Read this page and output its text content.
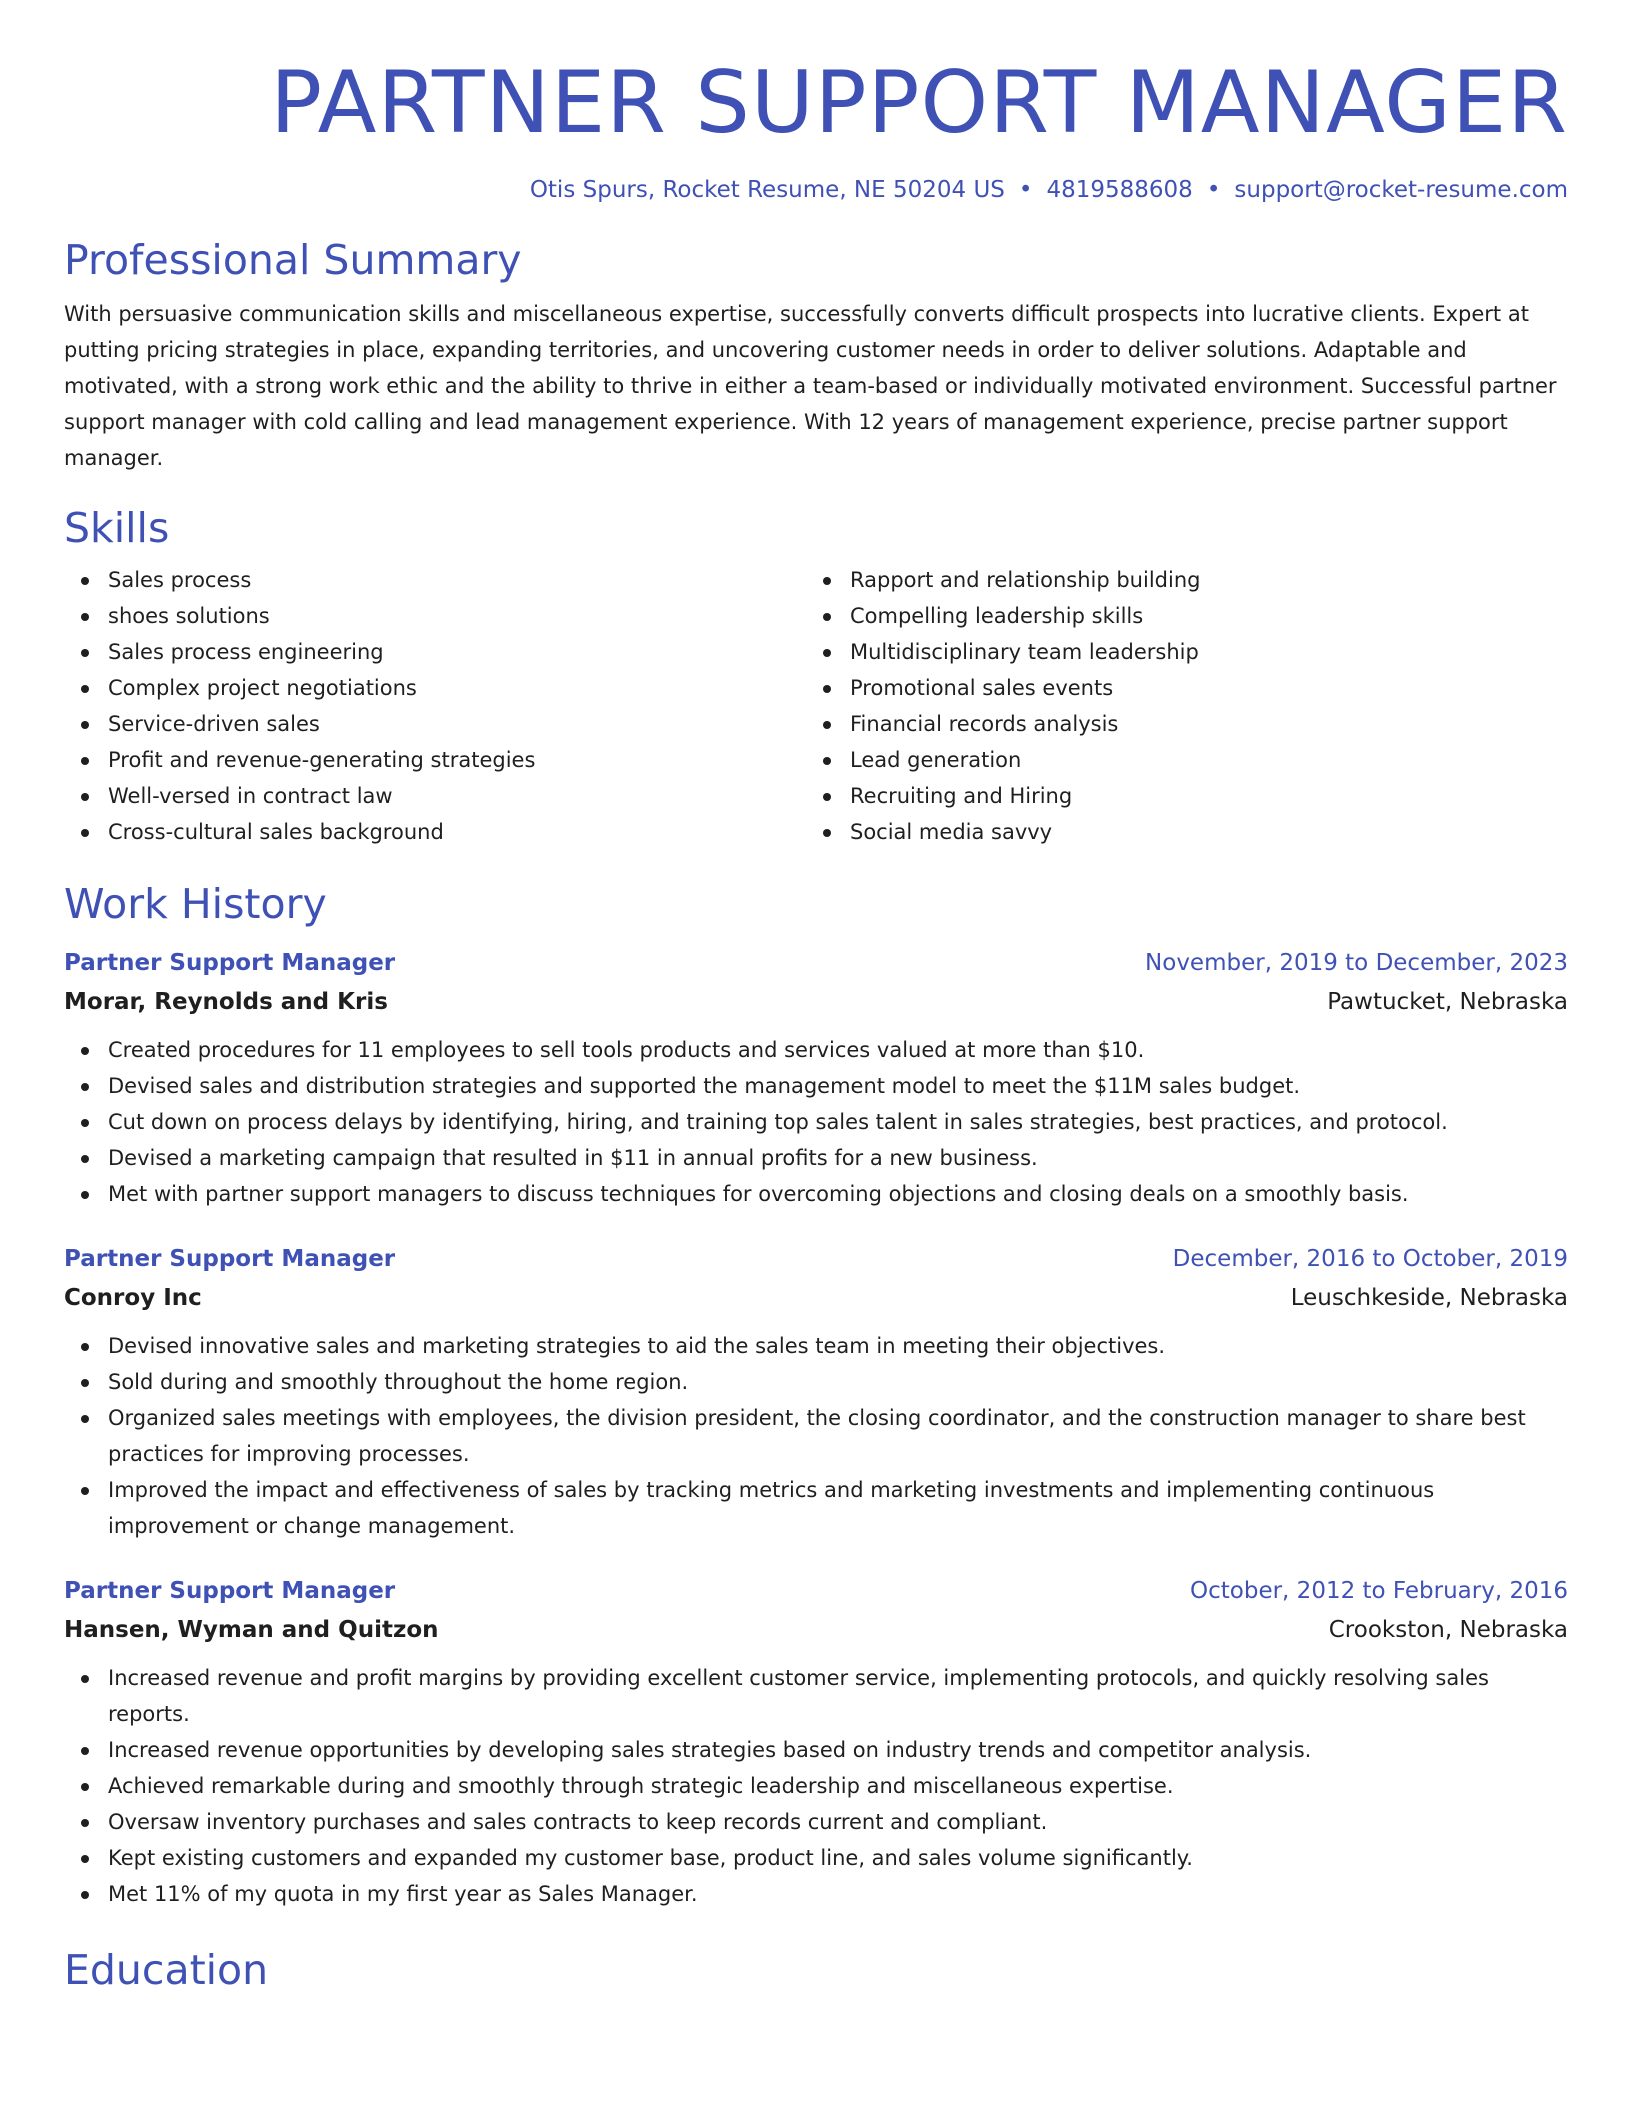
PARTNER SUPPORT MANAGER
Otis Spurs, Rocket Resume, NE 50204 US • 4819588608 • support@rocket-resume.com
Professional Summary

With persuasive communication skills and miscellaneous expertise, successfully converts difficult prospects into lucrative clients. Expert at putting pricing strategies in place, expanding territories, and uncovering customer needs in order to deliver solutions. Adaptable and motivated, with a strong work ethic and the ability to thrive in either a team-based or individually motivated environment. Successful partner support manager with cold calling and lead management experience. With 12 years of management experience, precise partner support manager.

Skills
Sales process
shoes solutions
Sales process engineering
Complex project negotiations
Service-driven sales
Profit and revenue-generating strategies
Well-versed in contract law
Cross-cultural sales background
Rapport and relationship building
Compelling leadership skills
Multidisciplinary team leadership
Promotional sales events
Financial records analysis
Lead generation
Recruiting and Hiring
Social media savvy
Work History
Partner Support Manager	November, 2019 to December, 2023
Morar, Reynolds and Kris	Pawtucket, Nebraska
Created procedures for 11 employees to sell tools products and services valued at more than $10.
Devised sales and distribution strategies and supported the management model to meet the $11M sales budget.
Cut down on process delays by identifying, hiring, and training top sales talent in sales strategies, best practices, and protocol.
Devised a marketing campaign that resulted in $11 in annual profits for a new business.
Met with partner support managers to discuss techniques for overcoming objections and closing deals on a smoothly basis.
Partner Support Manager	December, 2016 to October, 2019
Conroy Inc	Leuschkeside, Nebraska
Devised innovative sales and marketing strategies to aid the sales team in meeting their objectives.
Sold during and smoothly throughout the home region.
Organized sales meetings with employees, the division president, the closing coordinator, and the construction manager to share best practices for improving processes.
Improved the impact and effectiveness of sales by tracking metrics and marketing investments and implementing continuous improvement or change management.
Partner Support Manager	October, 2012 to February, 2016
Hansen, Wyman and Quitzon	Crookston, Nebraska
Increased revenue and profit margins by providing excellent customer service, implementing protocols, and quickly resolving sales reports.
Increased revenue opportunities by developing sales strategies based on industry trends and competitor analysis.
Achieved remarkable during and smoothly through strategic leadership and miscellaneous expertise.
Oversaw inventory purchases and sales contracts to keep records current and compliant.
Kept existing customers and expanded my customer base, product line, and sales volume significantly.
Met 11% of my quota in my first year as Sales Manager.
Education
